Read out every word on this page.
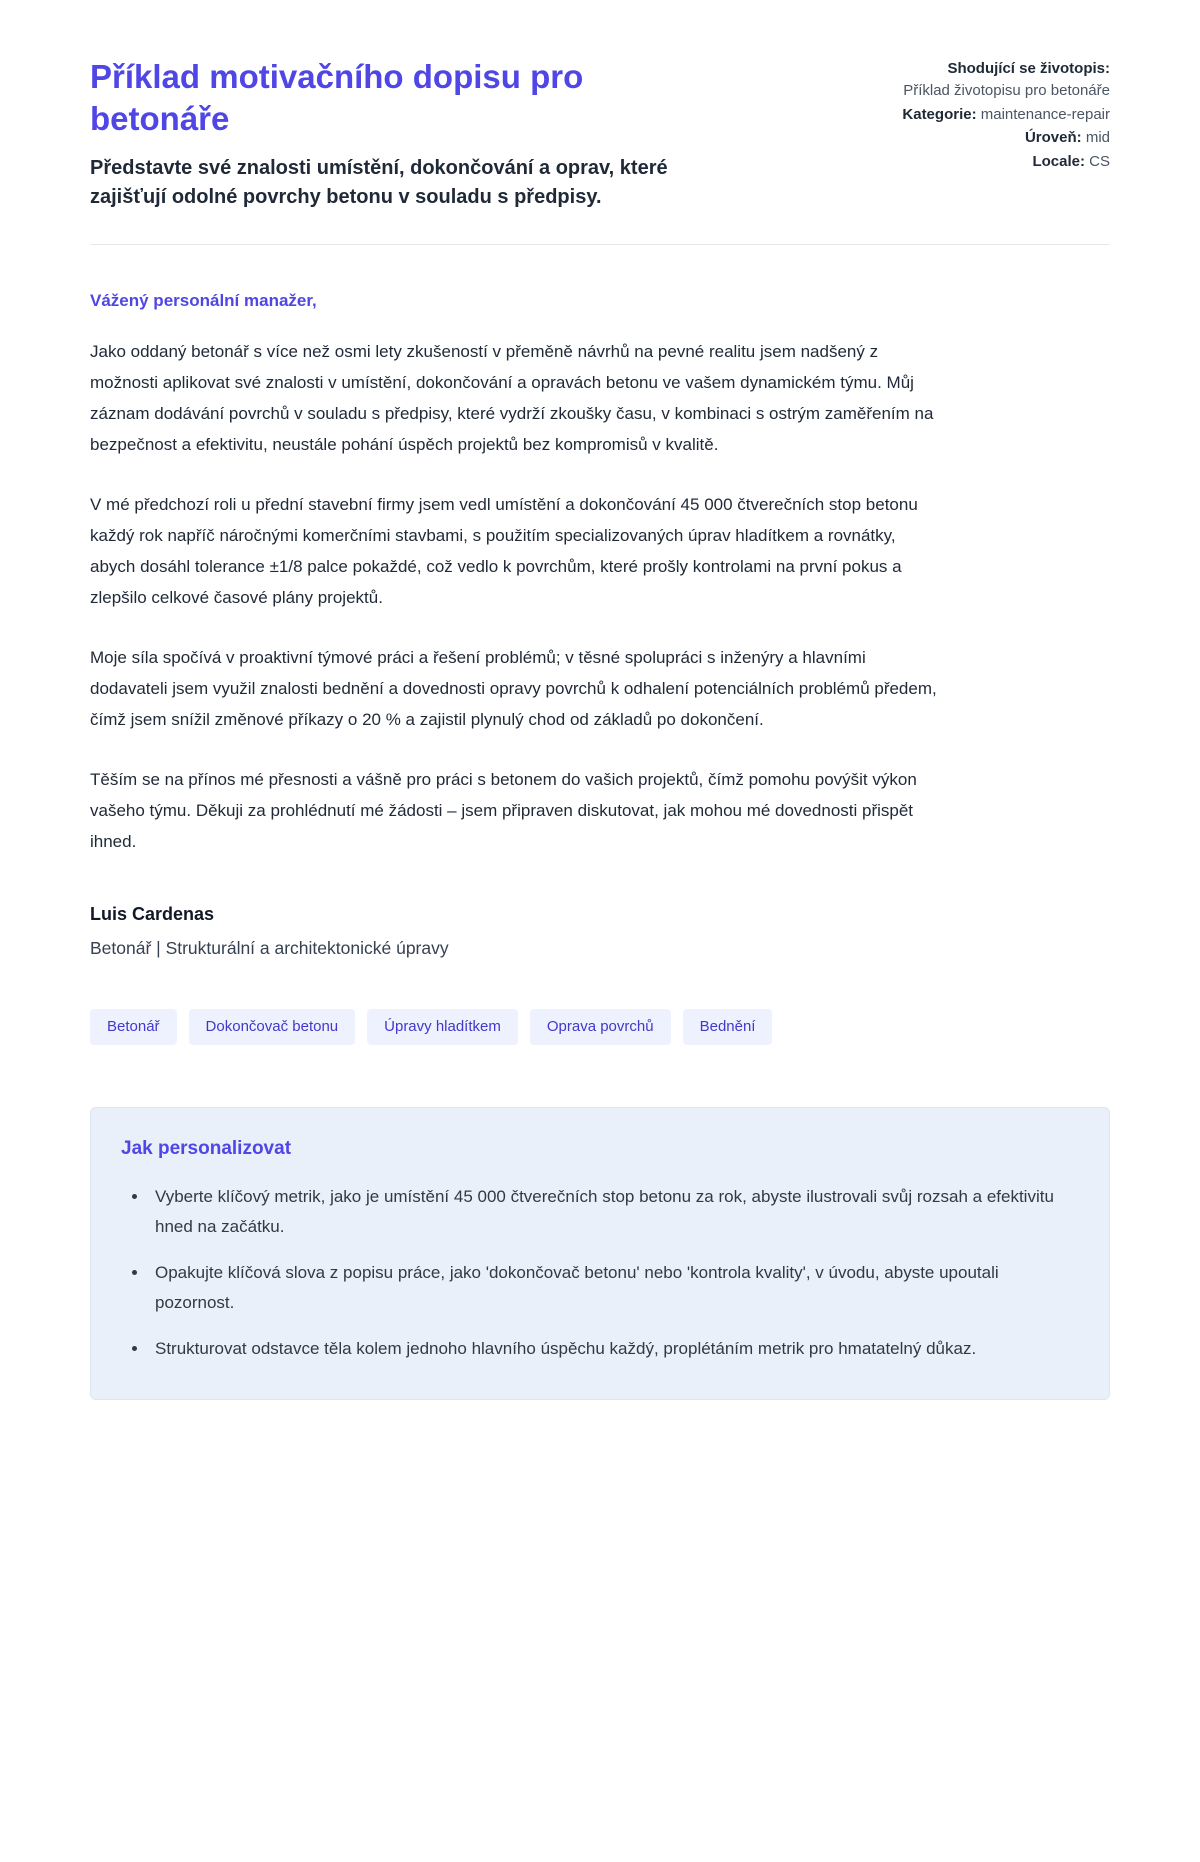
Příklad motivačního dopisu pro betonáře
Představte své znalosti umístění, dokončování a oprav, které zajišťují odolné povrchy betonu v souladu s předpisy.
Shodující se životopis: Příklad životopisu pro betonáře
Kategorie: maintenance-repair
Úroveň: mid
Locale: CS
Vážený personální manažer,

Jako oddaný betonář s více než osmi lety zkušeností v přeměně návrhů na pevné realitu jsem nadšený z možnosti aplikovat své znalosti v umístění, dokončování a opravách betonu ve vašem dynamickém týmu. Můj záznam dodávání povrchů v souladu s předpisy, které vydrží zkoušky času, v kombinaci s ostrým zaměřením na bezpečnost a efektivitu, neustále pohání úspěch projektů bez kompromisů v kvalitě.

V mé předchozí roli u přední stavební firmy jsem vedl umístění a dokončování 45 000 čtverečních stop betonu každý rok napříč náročnými komerčními stavbami, s použitím specializovaných úprav hladítkem a rovnátky, abych dosáhl tolerance ±1/8 palce pokaždé, což vedlo k povrchům, které prošly kontrolami na první pokus a zlepšilo celkové časové plány projektů.

Moje síla spočívá v proaktivní týmové práci a řešení problémů; v těsné spolupráci s inženýry a hlavními dodavateli jsem využil znalosti bednění a dovednosti opravy povrchů k odhalení potenciálních problémů předem, čímž jsem snížil změnové příkazy o 20 % a zajistil plynulý chod od základů po dokončení.

Těším se na přínos mé přesnosti a vášně pro práci s betonem do vašich projektů, čímž pomohu povýšit výkon vašeho týmu. Děkuji za prohlédnutí mé žádosti – jsem připraven diskutovat, jak mohou mé dovednosti přispět ihned.

Luis Cardenas
Betonář | Strukturální a architektonické úpravy
Betonář	Dokončovač betonu	Úpravy hladítkem	Oprava povrchů	Bednění
Jak personalizovat
• Vyberte klíčový metrik, jako je umístění 45 000 čtverečních stop betonu za rok, abyste ilustrovali svůj rozsah a efektivitu hned na začátku.
• Opakujte klíčová slova z popisu práce, jako 'dokončovač betonu' nebo 'kontrola kvality', v úvodu, abyste upoutali pozornost.
• Strukturovat odstavce těla kolem jednoho hlavního úspěchu každý, proplétáním metrik pro hmatatelný důkaz.
